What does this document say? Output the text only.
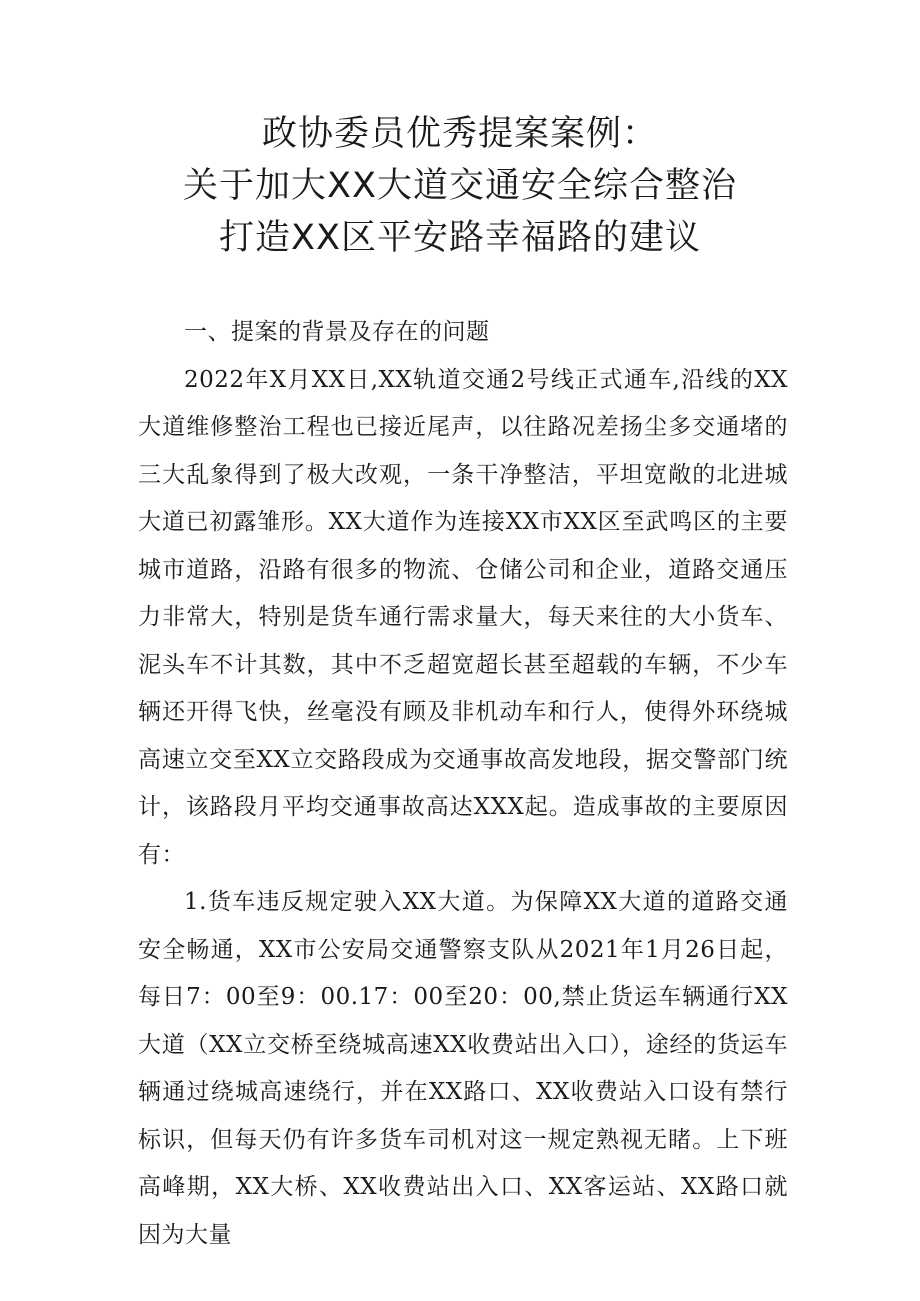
政协委员优秀提案案例：
关于加大XX大道交通安全综合整治
打造XX区平安路幸福路的建议

一、提案的背景及存在的问题

2022年X月XX日,XX轨道交通2号线正式通车,沿线的XX大道维修整治工程也已接近尾声，以往路况差扬尘多交通堵的三大乱象得到了极大改观，一条干净整洁，平坦宽敞的北进城大道已初露雏形。XX大道作为连接XX市XX区至武鸣区的主要城市道路，沿路有很多的物流、仓储公司和企业，道路交通压力非常大，特别是货车通行需求量大，每天来往的大小货车、泥头车不计其数，其中不乏超宽超长甚至超载的车辆，不少车辆还开得飞快，丝毫没有顾及非机动车和行人，使得外环绕城高速立交至XX立交路段成为交通事故高发地段，据交警部门统计，该路段月平均交通事故高达XXX起。造成事故的主要原因有：

1.货车违反规定驶入XX大道。为保障XX大道的道路交通安全畅通，XX市公安局交通警察支队从2021年1月26日起，每日7：00至9：00.17：00至20：00,禁止货运车辆通行XX大道（XX立交桥至绕城高速XX收费站出入口），途经的货运车辆通过绕城高速绕行，并在XX路口、XX收费站入口设有禁行标识，但每天仍有许多货车司机对这一规定熟视无睹。上下班高峰期，XX大桥、XX收费站出入口、XX客运站、XX路口就因为大量
